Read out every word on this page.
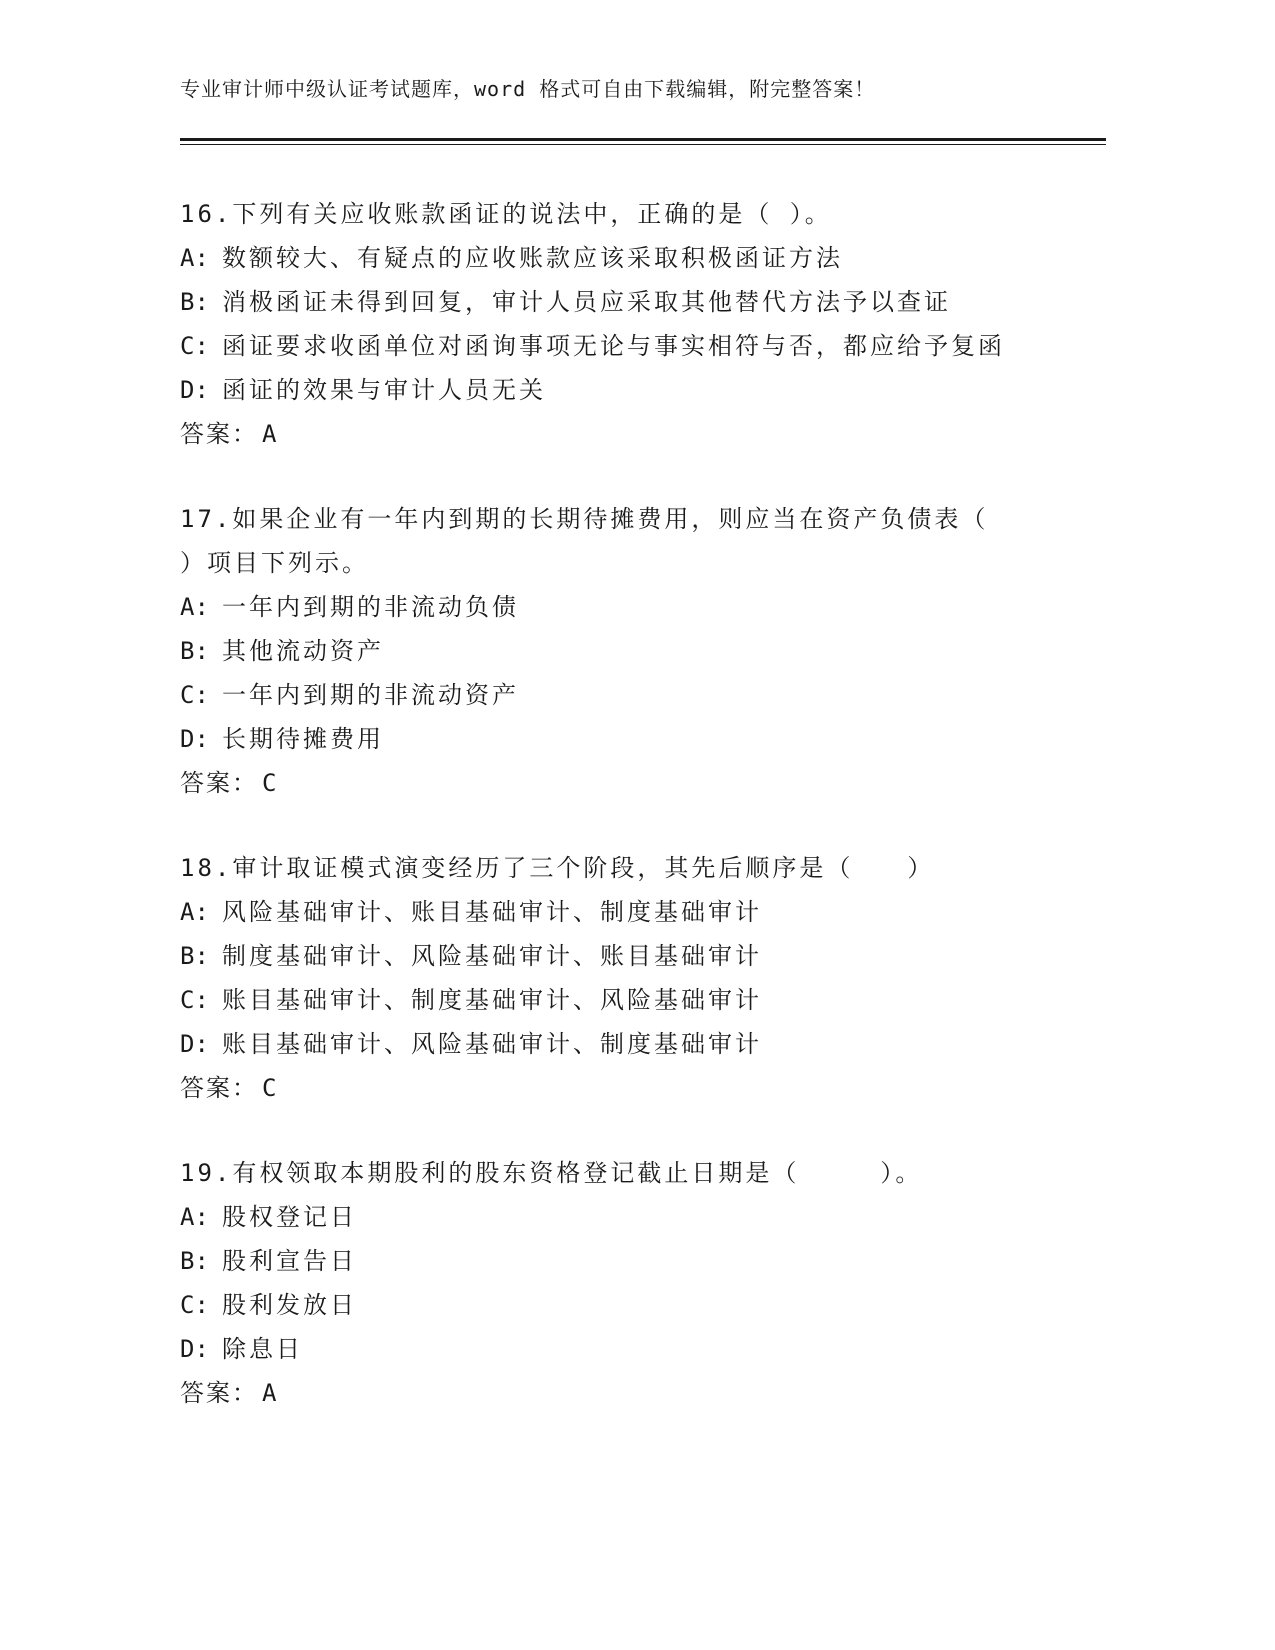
专业审计师中级认证考试题库，word 格式可自由下载编辑，附完整答案！
16.下列有关应收账款函证的说法中，正确的是（ ）。
A: 数额较大、有疑点的应收账款应该采取积极函证方法
B: 消极函证未得到回复，审计人员应采取其他替代方法予以查证
C: 函证要求收函单位对函询事项无论与事实相符与否，都应给予复函
D: 函证的效果与审计人员无关
答案： A
17.如果企业有一年内到期的长期待摊费用，则应当在资产负债表（
）项目下列示。
A: 一年内到期的非流动负债
B: 其他流动资产
C: 一年内到期的非流动资产
D: 长期待摊费用
答案： C
18.审计取证模式演变经历了三个阶段，其先后顺序是（　　）
A: 风险基础审计、账目基础审计、制度基础审计
B: 制度基础审计、风险基础审计、账目基础审计
C: 账目基础审计、制度基础审计、风险基础审计
D: 账目基础审计、风险基础审计、制度基础审计
答案： C
19.有权领取本期股利的股东资格登记截止日期是（　　　）。
A: 股权登记日
B: 股利宣告日
C: 股利发放日
D: 除息日
答案： A
